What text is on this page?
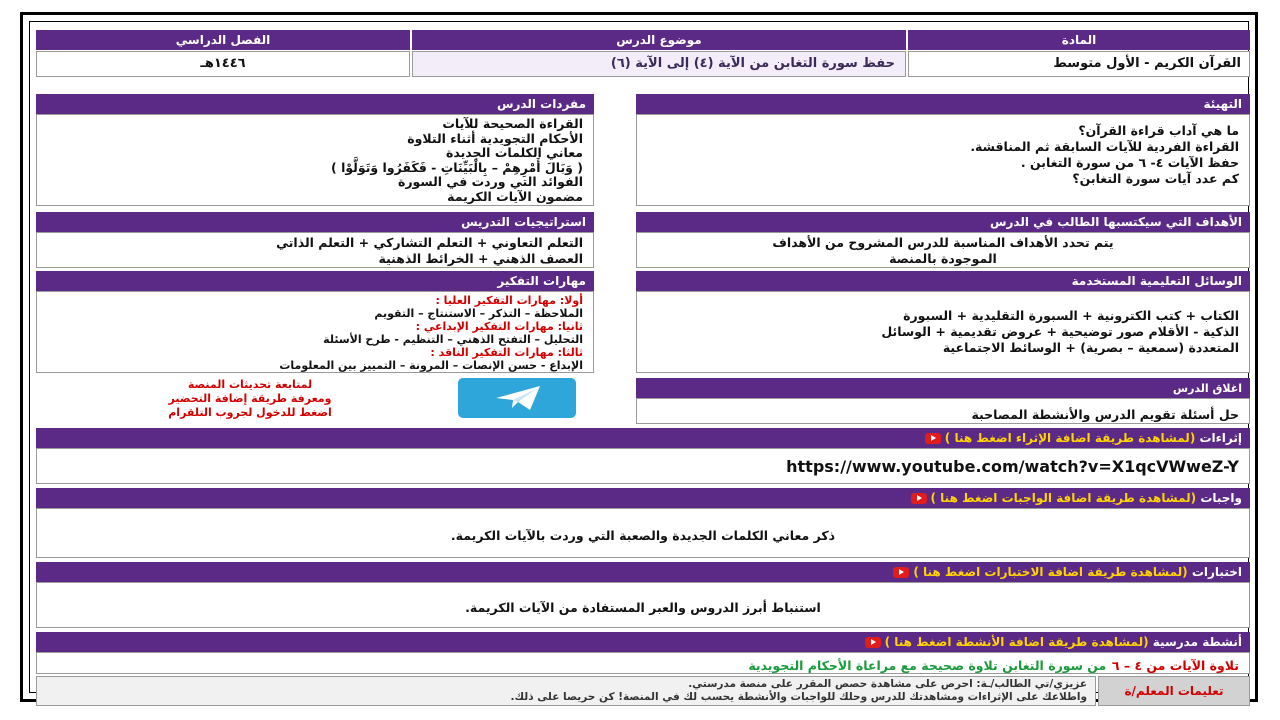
المادة
موضوع الدرس
الفصل الدراسي
القرآن الكريم - الأول متوسط
حفظ سورة التغابن من الآية (٤) إلى الآية (٦)
١٤٤٦هـ
التهيئة
ما هي آداب قراءة القرآن؟
القراءة الفردية للآيات السابقة ثم المناقشة.
حفظ الآيات ٤- ٦ من سورة التغابن .
كم عدد آيات سورة التغابن؟
الأهداف التي سيكتسبها الطالب في الدرس
يتم تحدد الأهداف المناسبة للدرس المشروح من الأهداف
الموجودة بالمنصة
الوسائل التعليمية المستخدمة
الكتاب + كتب الكترونية + السبورة التقليدية + السبورة
الذكية - الأقلام صور توضيحية + عروض تقديمية + الوسائل
المتعددة (سمعية – بصرية) + الوسائط الاجتماعية
اغلاق الدرس
حل أسئلة تقويم الدرس والأنشطة المصاحبة
مفردات الدرس
القراءة الصحيحة للآيات
الأحكام التجويدية أثناء التلاوة
معاني الكلمات الجديدة
( وَبَالَ أَمْرِهِمْ – بِالْبَيِّنَاتِ - فَكَفَرُوا وَتَوَلَّوْا )
الفوائد التي وردت في السورة
مضمون الآيات الكريمة
استراتيجيات التدريس
التعلم التعاوني + التعلم التشاركي + التعلم الذاتي
العصف الذهني + الخرائط الذهنية
مهارات التفكير
أولا: مهارات التفكير العليا :
الملاحظة – التذكر – الاستنتاج – التقويم
ثانيا: مهارات التفكير الإبداعي :
التحليل – التفتح الذهني – التنظيم - طرح الأسئلة
ثالثا: مهارات التفكير الناقد :
الإبداع - حسن الإنصات – المرونة – التمييز بين المعلومات
لمتابعة تحديثات المنصة
ومعرفة طريقة إضافة التحضير
اضغط للدخول لجروب التلقرام
إثراءات

(لمشاهدة طريقة اضافة الإثراء اضغط هنا )
https://www.youtube.com/watch?v=X1qcVWweZ-Y
واجبات

(لمشاهدة طريقة اضافة الواجبات اضغط هنا )
ذكر معاني الكلمات الجديدة والصعبة التي وردت بالآيات الكريمة.
اختبارات

(لمشاهدة طريقة اضافة الاختبارات اضغط هنا )
استنباط أبرز الدروس والعبر المستفادة من الآيات الكريمة.
أنشطة مدرسية

(لمشاهدة طريقة اضافة الأنشطة اضغط هنا )
تلاوة الآيات من ٤ – ٦ من سورة التغابن تلاوة صحيحة مع مراعاة الأحكام التجويدية
تعليمات المعلم/ة
عزيزي/تي الطالب/ـة: احرص على مشاهدة حصص المقرر على منصة مدرستي.
واطلاعك على الإثراءات ومشاهدتك للدرس وحلك للواجبات والأنشطة يحسب لك في المنصة! كن حريصا على ذلك.
